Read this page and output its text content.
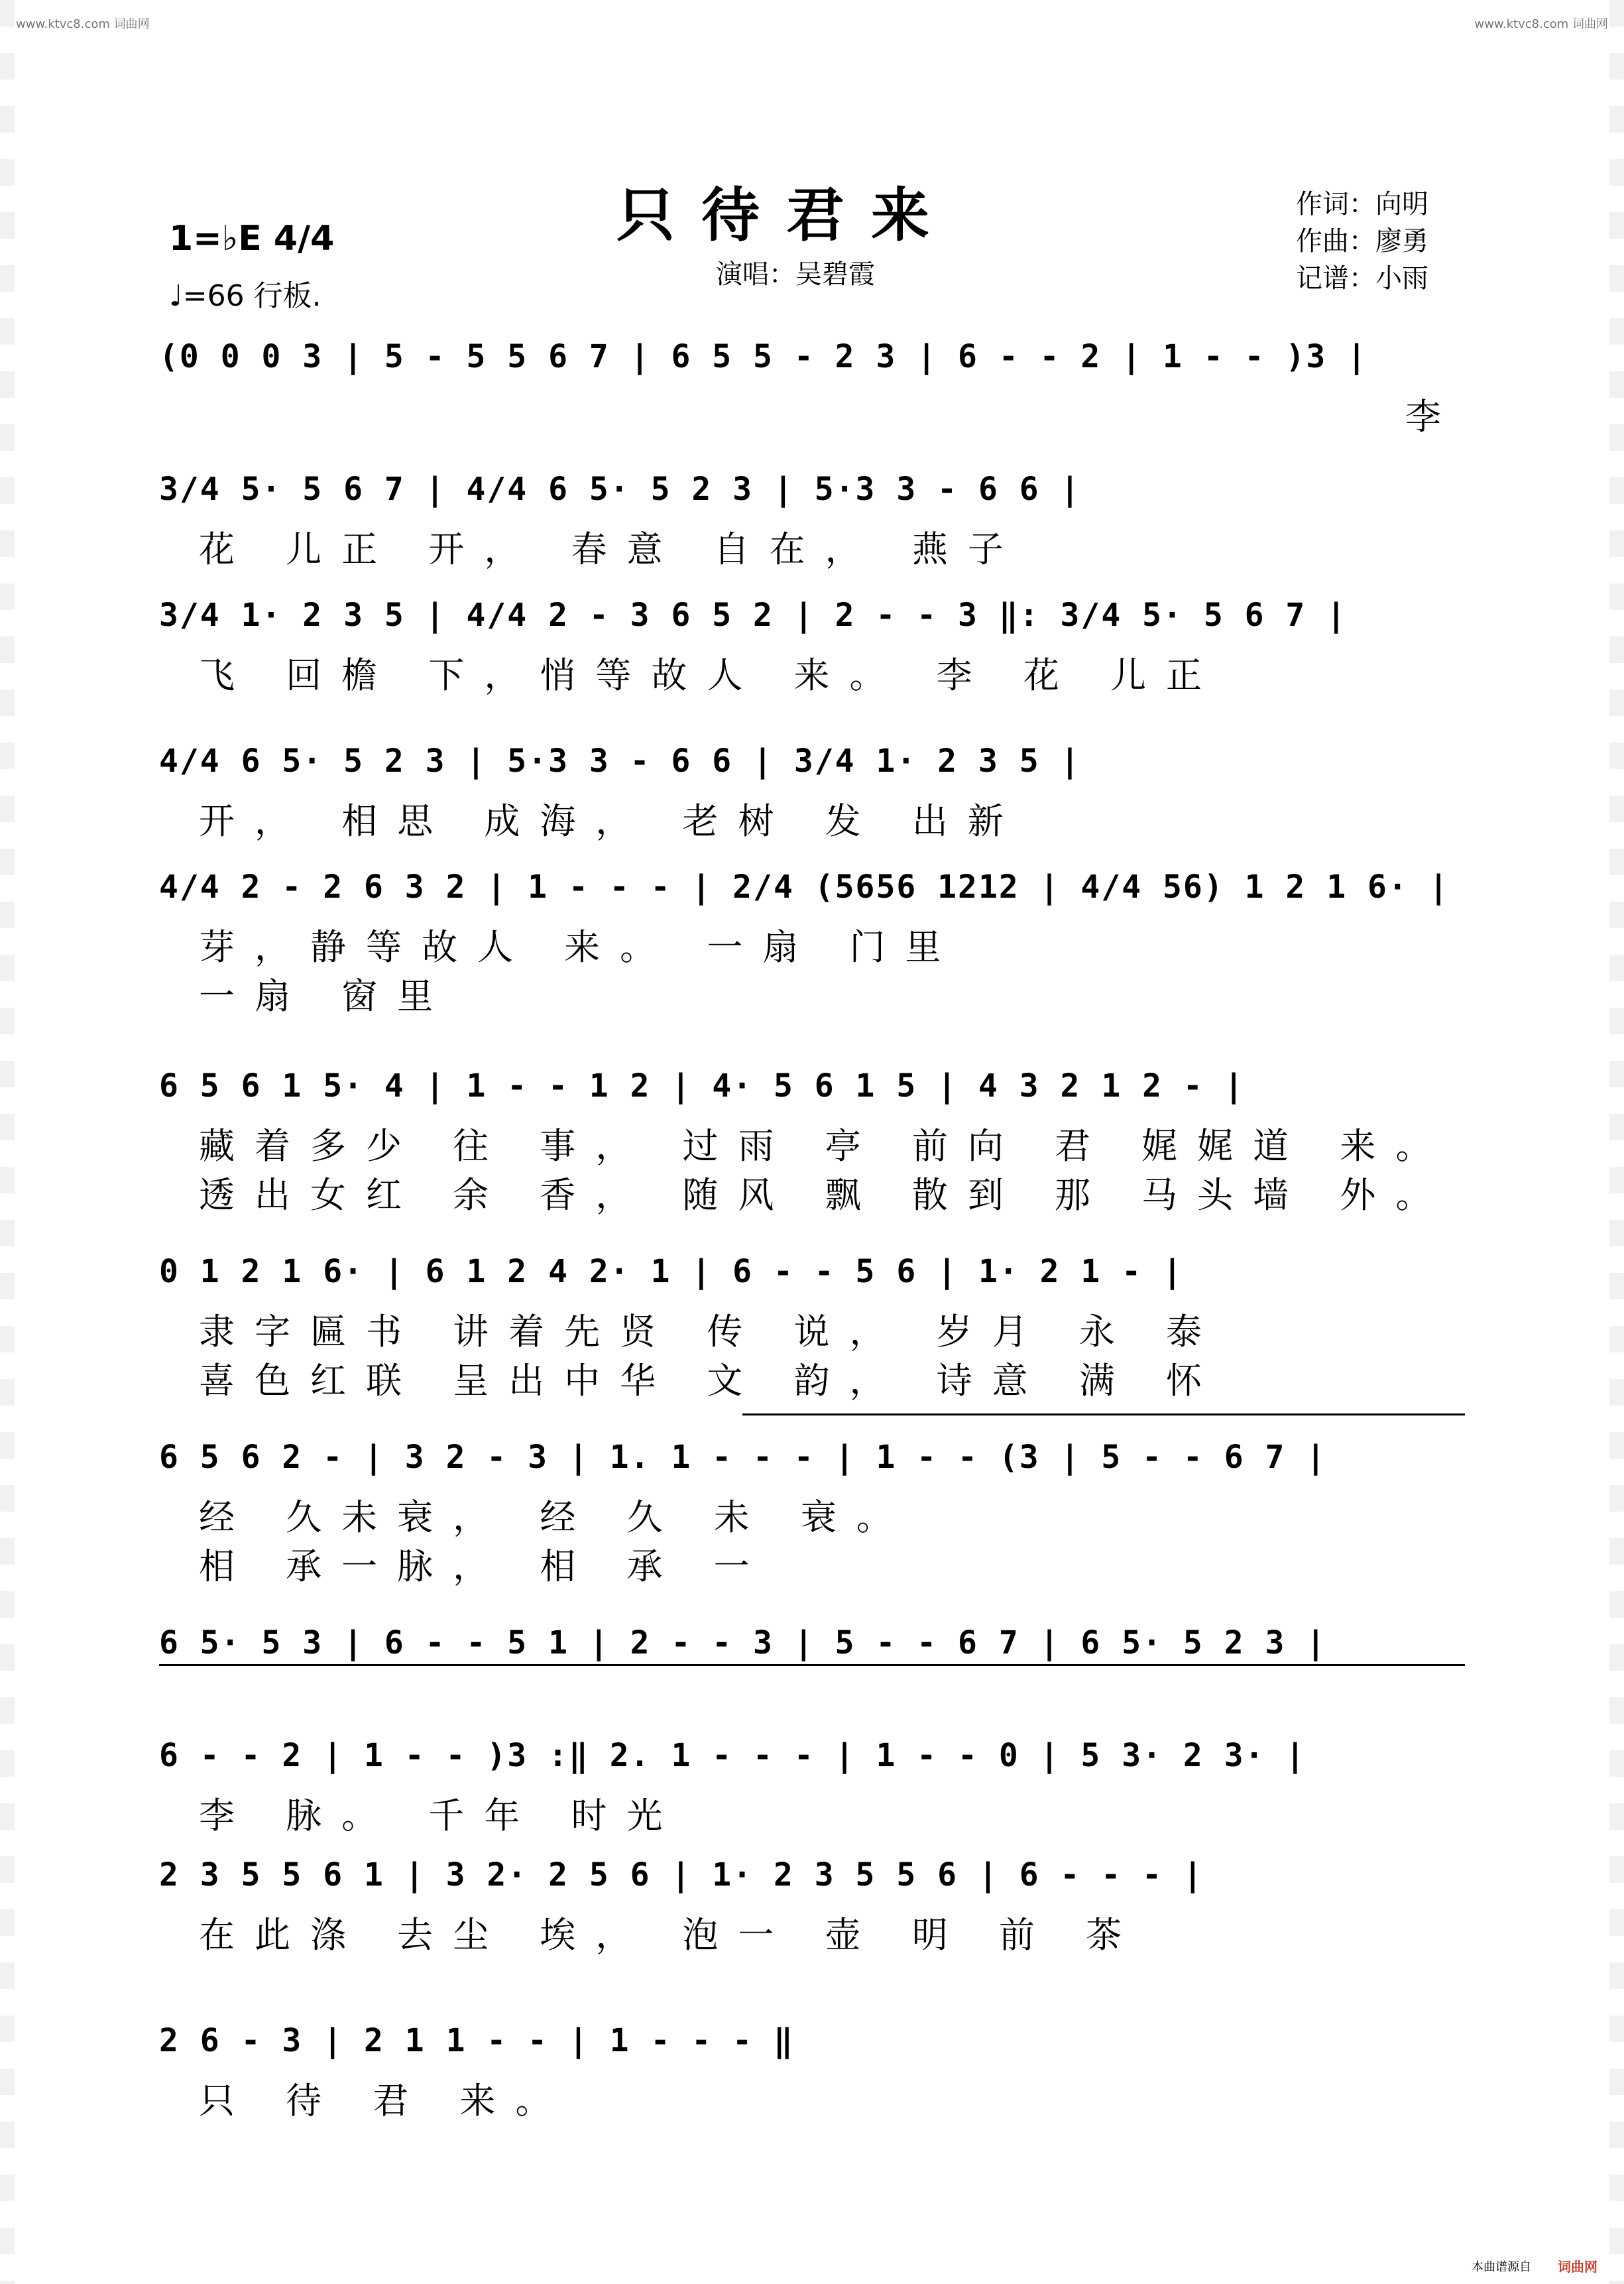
www.ktvc8.com 词曲网	www.ktvc8.com 词曲网
只待君来
演唱：吴碧霞
1=♭E 4/4
♩=66 行板.
作词：向明
作曲：廖勇
记谱：小雨
(0 0 0 3 | 5 - 5 5 6 7 | 6 5 5 - 2 3 | 6 - - 2 | 1 - - )3 |
李
3/4 5· 5 6 7 | 4/4 6 5· 5 2 3 | 5·3 3 - 6 6 |
花 儿正 开， 春意 自在， 燕子
3/4 1· 2 3 5 | 4/4 2 - 3 6 5 2 | 2 - - 3 ‖: 3/4 5· 5 6 7 |
飞 回檐 下，悄等故人 来。 李 花 儿正
4/4 6 5· 5 2 3 | 5·3 3 - 6 6 | 3/4 1· 2 3 5 |
开， 相思 成海， 老树 发 出新
4/4 2 - 2 6 3 2 | 1 - - - | 2/4 (5656 1212 | 4/4 56) 1 2 1 6· |
芽，静等故人 来。 一扇 门里
一扇 窗里
6 5 6 1 5· 4 | 1 - - 1 2 | 4· 5 6 1 5 | 4 3 2 1 2 - |
藏着多少 往 事， 过雨 亭 前向 君 娓娓道 来。
透出女红 余 香， 随风 飘 散到 那 马头墙 外。
0 1 2 1 6· | 6 1 2 4 2· 1 | 6 - - 5 6 | 1· 2 1 - |
隶字匾书 讲着先贤 传 说， 岁月 永 泰
喜色红联 呈出中华 文 韵， 诗意 满 怀
6 5 6 2 - | 3 2 - 3 | 1. 1 - - - | 1 - - (3 | 5 - - 6 7 |
经 久未衰， 经 久 未 衰。
相 承一脉， 相 承 一
6 5· 5 3 | 6 - - 5 1 | 2 - - 3 | 5 - - 6 7 | 6 5· 5 2 3 |
6 - - 2 | 1 - - )3 :‖ 2. 1 - - - | 1 - - 0 | 5 3· 2 3· |
李 脉。 千年 时光
2 3 5 5 6 1 | 3 2· 2 5 6 | 1· 2 3 5 5 6 | 6 - - - |
在此涤 去尘 埃， 泡一 壶 明 前 茶
2 6 - 3 | 2 1 1 - - | 1 - - - ‖
只 待 君 来。
本曲谱源自 词曲网
